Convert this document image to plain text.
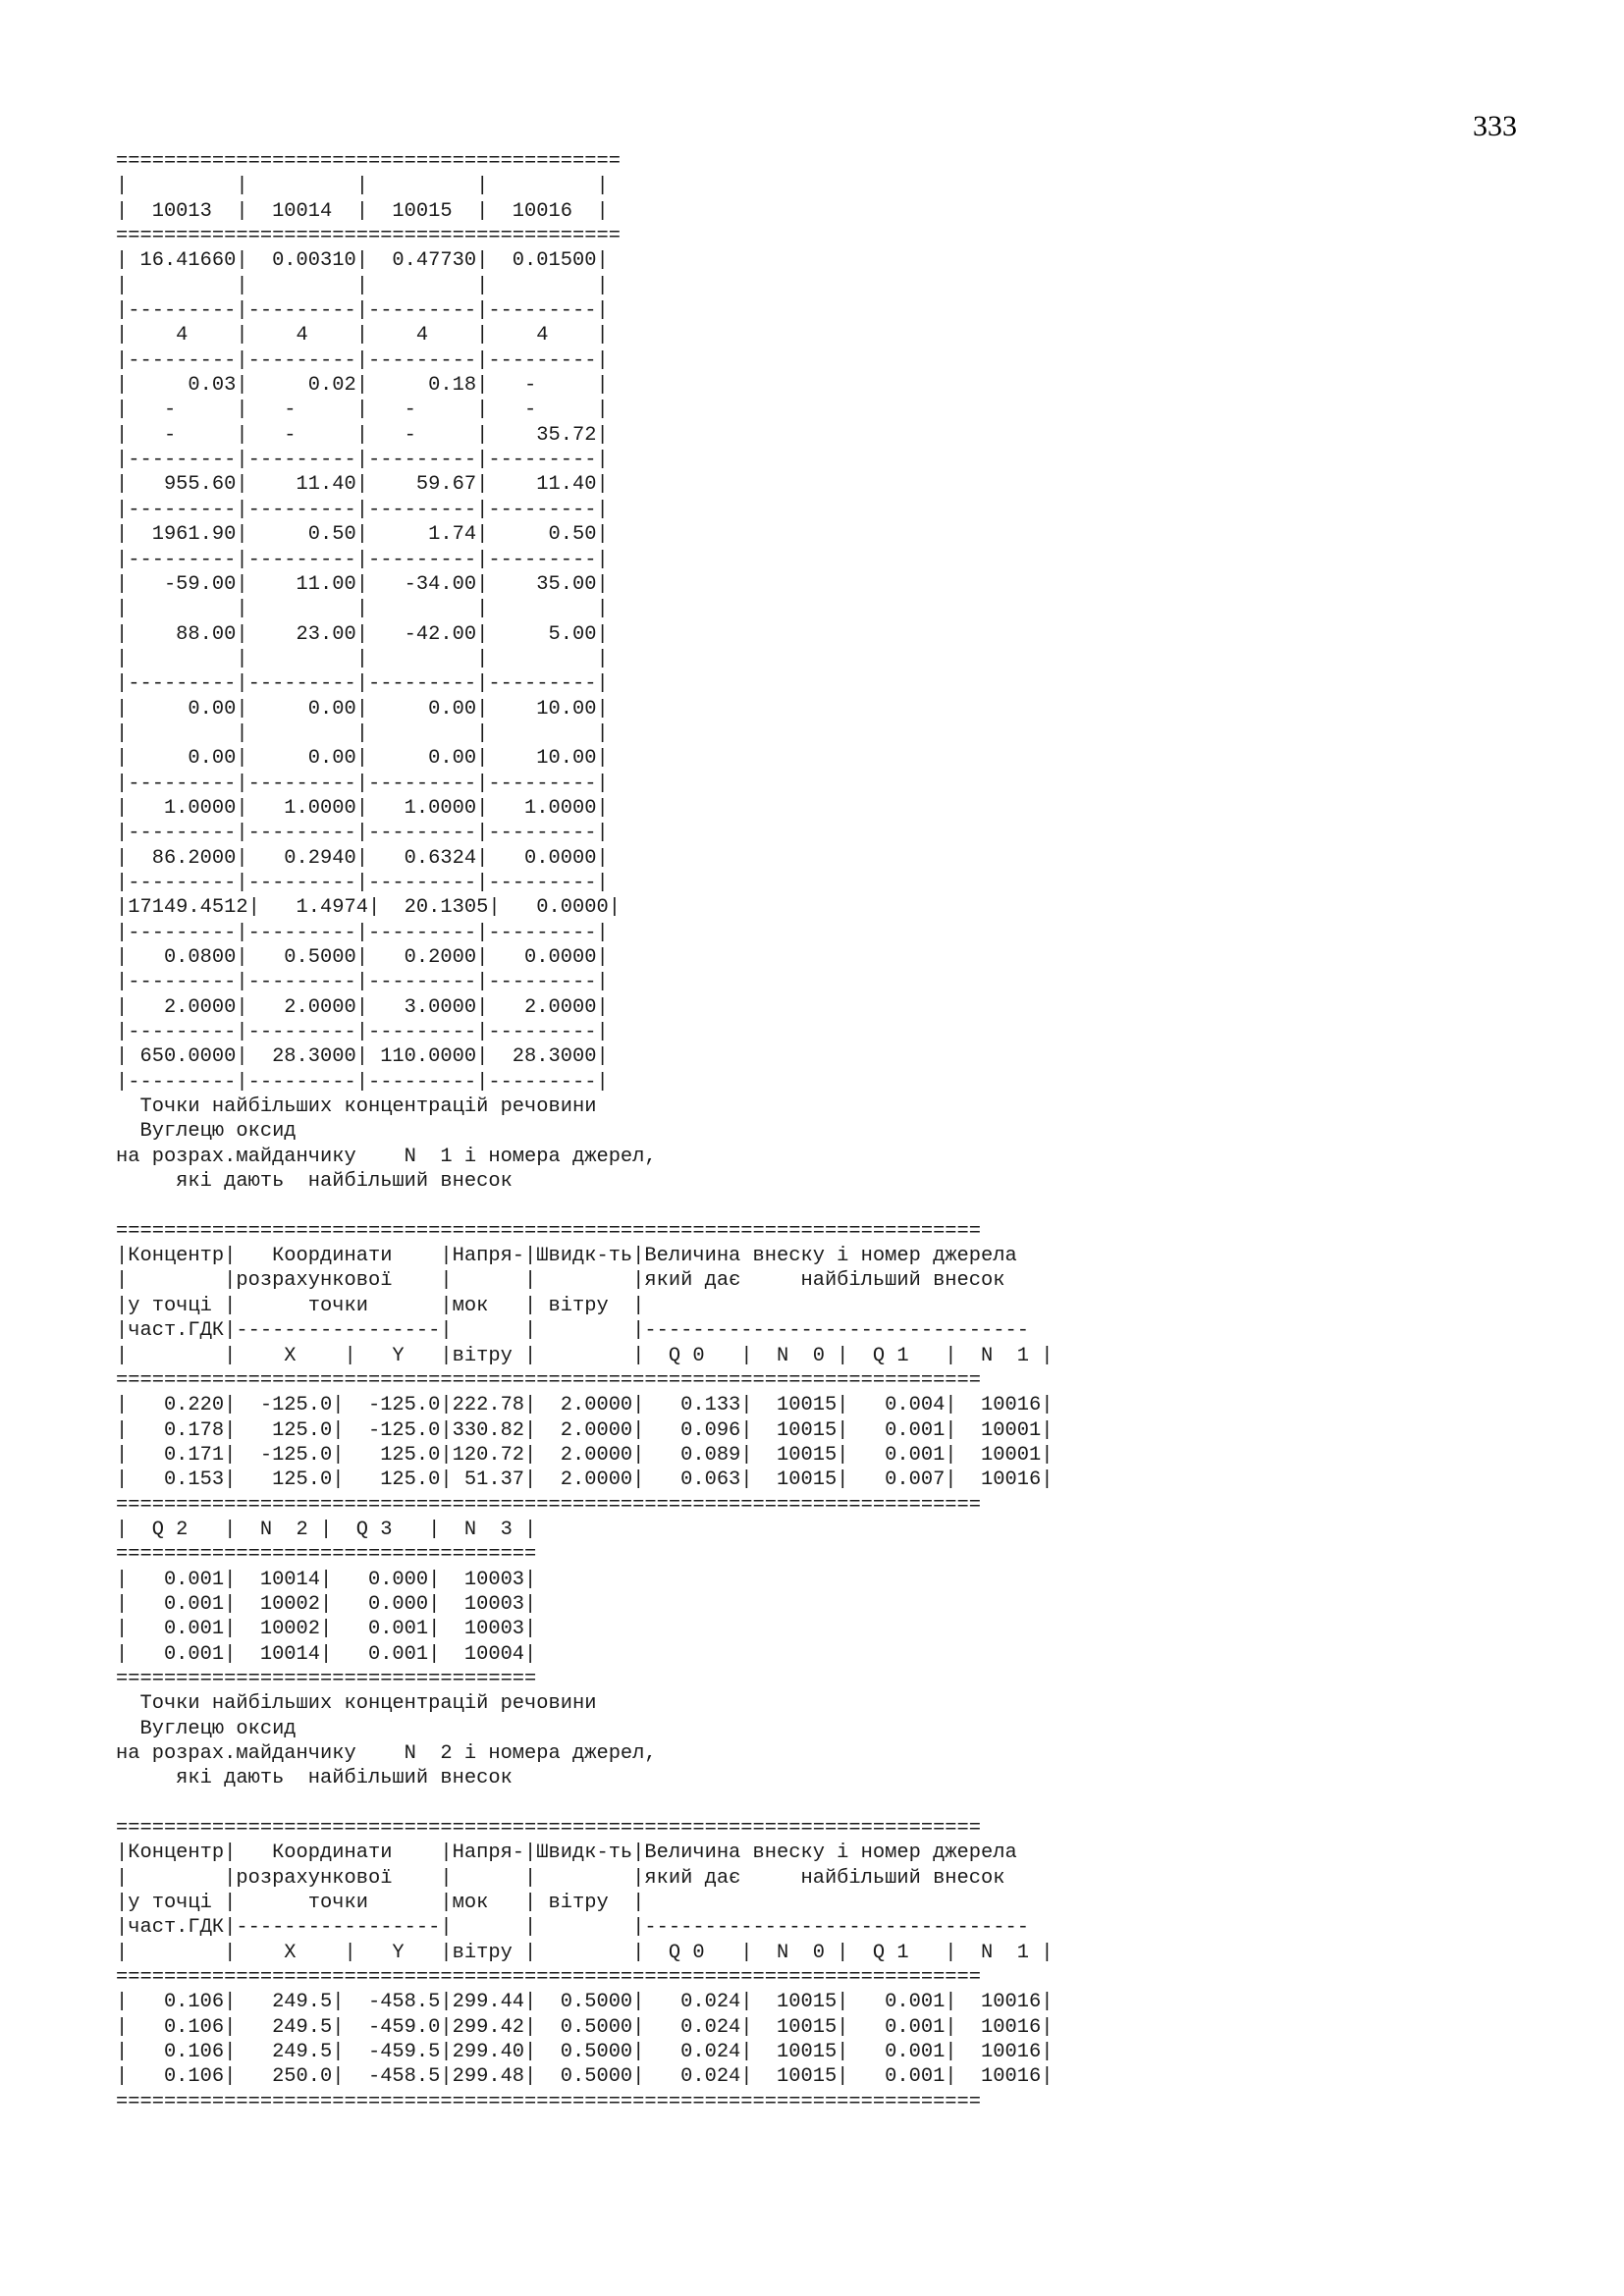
333
==========================================
|         |         |         |         |
|  10013  |  10014  |  10015  |  10016  |
==========================================
| 16.41660|  0.00310|  0.47730|  0.01500|
|         |         |         |         |
|---------|---------|---------|---------|
|    4    |    4    |    4    |    4    |
|---------|---------|---------|---------|
|     0.03|     0.02|     0.18|   -     |
|   -     |   -     |   -     |   -     |
|   -     |   -     |   -     |    35.72|
|---------|---------|---------|---------|
|   955.60|    11.40|    59.67|    11.40|
|---------|---------|---------|---------|
|  1961.90|     0.50|     1.74|     0.50|
|---------|---------|---------|---------|
|   -59.00|    11.00|   -34.00|    35.00|
|         |         |         |         |
|    88.00|    23.00|   -42.00|     5.00|
|         |         |         |         |
|---------|---------|---------|---------|
|     0.00|     0.00|     0.00|    10.00|
|         |         |         |         |
|     0.00|     0.00|     0.00|    10.00|
|---------|---------|---------|---------|
|   1.0000|   1.0000|   1.0000|   1.0000|
|---------|---------|---------|---------|
|  86.2000|   0.2940|   0.6324|   0.0000|
|---------|---------|---------|---------|
|17149.4512|   1.4974|  20.1305|   0.0000|
|---------|---------|---------|---------|
|   0.0800|   0.5000|   0.2000|   0.0000|
|---------|---------|---------|---------|
|   2.0000|   2.0000|   3.0000|   2.0000|
|---------|---------|---------|---------|
| 650.0000|  28.3000| 110.0000|  28.3000|
|---------|---------|---------|---------|
Точки найбільших концентрацій речовини
Вуглецю оксид
на розрах.майданчику    N  1 і номера джерел,
які дають  найбільший внесок
========================================================================
|Концентр|   Координати    |Напря-|Швидк-ть|Величина внеску і номер джерела
|        |розрахункової    |      |        |який дає     найбільший внесок
|у точці |      точки      |мок   | вітру  |
|част.ГДК|-----------------|      |        |--------------------------------
|        |    X    |   Y   |вітру |        |  Q 0   |  N  0 |  Q 1   |  N  1 |
========================================================================
|   0.220|  -125.0|  -125.0|222.78|  2.0000|   0.133|  10015|   0.004|  10016|
|   0.178|   125.0|  -125.0|330.82|  2.0000|   0.096|  10015|   0.001|  10001|
|   0.171|  -125.0|   125.0|120.72|  2.0000|   0.089|  10015|   0.001|  10001|
|   0.153|   125.0|   125.0| 51.37|  2.0000|   0.063|  10015|   0.007|  10016|
========================================================================
|  Q 2   |  N  2 |  Q 3   |  N  3 |
===================================
|   0.001|  10014|   0.000|  10003|
|   0.001|  10002|   0.000|  10003|
|   0.001|  10002|   0.001|  10003|
|   0.001|  10014|   0.001|  10004|
===================================
Точки найбільших концентрацій речовини
Вуглецю оксид
на розрах.майданчику    N  2 і номера джерел,
які дають  найбільший внесок
========================================================================
|Концентр|   Координати    |Напря-|Швидк-ть|Величина внеску і номер джерела
|        |розрахункової    |      |        |який дає     найбільший внесок
|у точці |      точки      |мок   | вітру  |
|част.ГДК|-----------------|      |        |--------------------------------
|        |    X    |   Y   |вітру |        |  Q 0   |  N  0 |  Q 1   |  N  1 |
========================================================================
|   0.106|   249.5|  -458.5|299.44|  0.5000|   0.024|  10015|   0.001|  10016|
|   0.106|   249.5|  -459.0|299.42|  0.5000|   0.024|  10015|   0.001|  10016|
|   0.106|   249.5|  -459.5|299.40|  0.5000|   0.024|  10015|   0.001|  10016|
|   0.106|   250.0|  -458.5|299.48|  0.5000|   0.024|  10015|   0.001|  10016|
========================================================================
